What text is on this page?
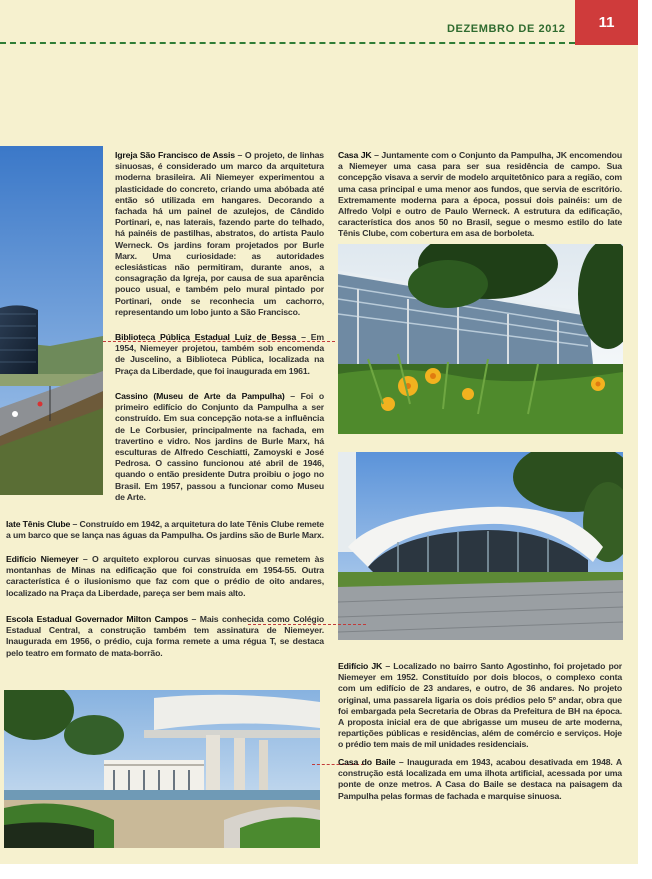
DEZEMBRO DE 2012 11

Igreja São Francisco de Assis – O projeto, de linhas sinuosas, é considerado um marco da arquitetura moderna brasileira. Ali Niemeyer experimentou a plasticidade do concreto, criando uma abóbada até então só utilizada em hangares. Decorando a fachada há um painel de azulejos, de Cândido Portinari, e, nas laterais, fazendo parte do telhado, há painéis de pastilhas, abstratos, do artista Paulo Werneck. Os jardins foram projetados por Burle Marx. Uma curiosidade: as autoridades eclesiásticas não permitiram, durante anos, a consagração da Igreja, por causa de sua aparência pouco usual, e também pelo mural pintado por Portinari, onde se reconhecia um cachorro, representando um lobo junto a São Francisco.

Biblioteca Pública Estadual Luiz de Bessa – Em 1954, Niemeyer projetou, também sob encomenda de Juscelino, a Biblioteca Pública, localizada na Praça da Liberdade, que foi inaugurada em 1961.

Cassino (Museu de Arte da Pampulha) – Foi o primeiro edifício do Conjunto da Pampulha a ser construído. Em sua concepção nota-se a influência de Le Corbusier, principalmente na fachada, em travertino e vidro. Nos jardins de Burle Marx, há esculturas de Alfredo Ceschiatti, Zamoyski e José Pedrosa. O cassino funcionou até abril de 1946, quando o então presidente Dutra proibiu o jogo no Brasil. Em 1957, passou a funcionar como Museu de Arte.

Iate Tênis Clube – Construído em 1942, a arquitetura do Iate Tênis Clube remete a um barco que se lança nas águas da Pampulha. Os jardins são de Burle Marx.

Edifício Niemeyer – O arquiteto explorou curvas sinuosas que remetem às montanhas de Minas na edificação que foi construída em 1954-55. Outra característica é o ilusionismo que faz com que o prédio de oito andares, localizado na Praça da Liberdade, pareça ser bem mais alto.

Escola Estadual Governador Milton Campos – Mais conhecida como Colégio Estadual Central, a construção também tem assinatura de Niemeyer. Inaugurada em 1956, o prédio, cuja forma remete a uma régua T, se destaca pelo teatro em formato de mata-borrão.

Casa JK – Juntamente com o Conjunto da Pampulha, JK encomendou a Niemeyer uma casa para ser sua residência de campo. Sua concepção visava a servir de modelo arquitetônico para a região, com uma casa principal e uma menor aos fundos, que servia de escritório. Extremamente moderna para a época, possui dois painéis: um de Alfredo Volpi e outro de Paulo Werneck. A estrutura da edificação, característica dos anos 50 no Brasil, segue o mesmo estilo do Iate Tênis Clube, com cobertura em asa de borboleta.

Edifício JK – Localizado no bairro Santo Agostinho, foi projetado por Niemeyer em 1952. Constituído por dois blocos, o complexo conta com um edifício de 23 andares, e outro, de 36 andares. No projeto original, uma passarela ligaria os dois prédios pelo 5º andar, obra que foi embargada pela Secretaria de Obras da Prefeitura de BH na época. A proposta inicial era de que abrigasse um museu de arte moderna, repartições públicas e residências, além de comércio e serviços. Hoje o prédio tem mais de mil unidades residenciais.

Casa do Baile – Inaugurada em 1943, acabou desativada em 1948. A construção está localizada em uma ilhota artificial, acessada por uma ponte de onze metros. A Casa do Baile se destaca na paisagem da Pampulha pelas formas de fachada e marquise sinuosa.
